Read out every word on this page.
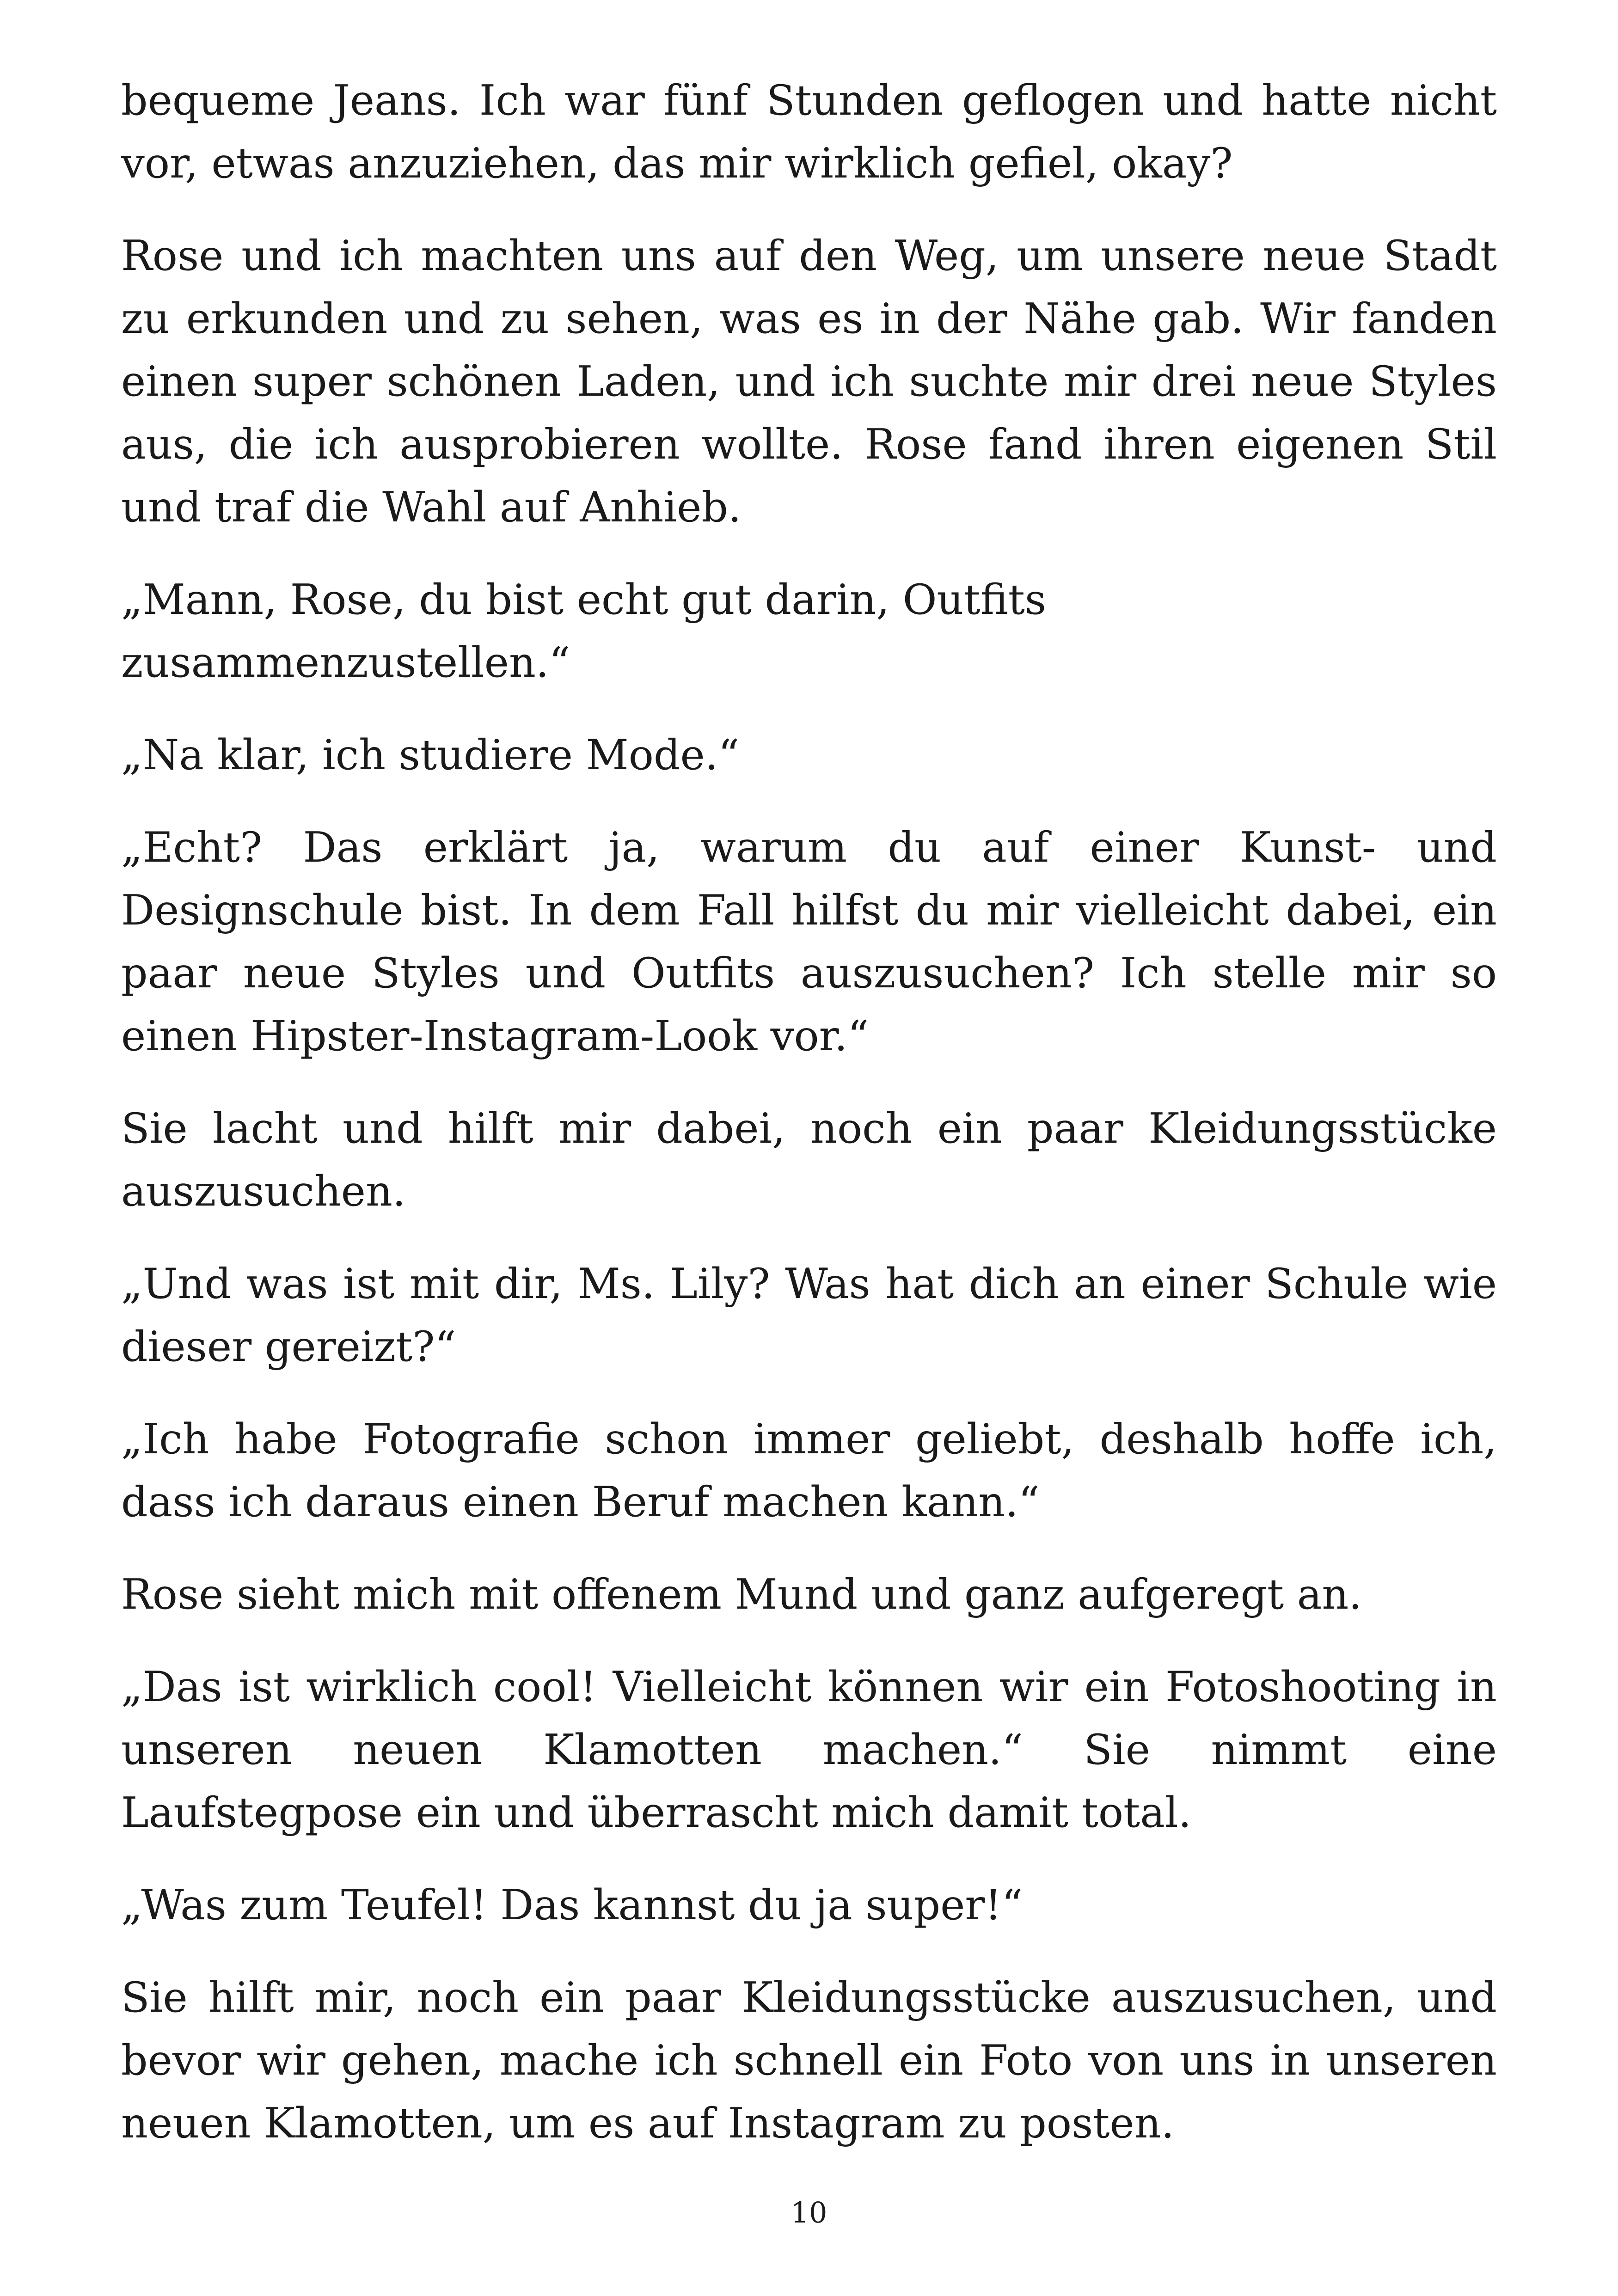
bequeme Jeans. Ich war fünf Stunden geflogen und hatte nicht vor, etwas anzuziehen, das mir wirklich gefiel, okay?

Rose und ich machten uns auf den Weg, um unsere neue Stadt zu erkunden und zu sehen, was es in der Nähe gab. Wir fanden einen super schönen Laden, und ich suchte mir drei neue Styles aus, die ich ausprobieren wollte. Rose fand ihren eigenen Stil und traf die Wahl auf Anhieb.

„Mann, Rose, du bist echt gut darin, Outfits zusammenzustellen.“

„Na klar, ich studiere Mode.“

„Echt? Das erklärt ja, warum du auf einer Kunst- und Designschule bist. In dem Fall hilfst du mir vielleicht dabei, ein paar neue Styles und Outfits auszusuchen? Ich stelle mir so einen Hipster-Instagram-Look vor.“

Sie lacht und hilft mir dabei, noch ein paar Kleidungsstücke auszusuchen.

„Und was ist mit dir, Ms. Lily? Was hat dich an einer Schule wie dieser gereizt?“

„Ich habe Fotografie schon immer geliebt, deshalb hoffe ich, dass ich daraus einen Beruf machen kann.“

Rose sieht mich mit offenem Mund und ganz aufgeregt an.

„Das ist wirklich cool! Vielleicht können wir ein Fotoshooting in unseren neuen Klamotten machen.“ Sie nimmt eine Laufstegpose ein und überrascht mich damit total.

„Was zum Teufel! Das kannst du ja super!“

Sie hilft mir, noch ein paar Kleidungsstücke auszusuchen, und bevor wir gehen, mache ich schnell ein Foto von uns in unseren neuen Klamotten, um es auf Instagram zu posten.

10
